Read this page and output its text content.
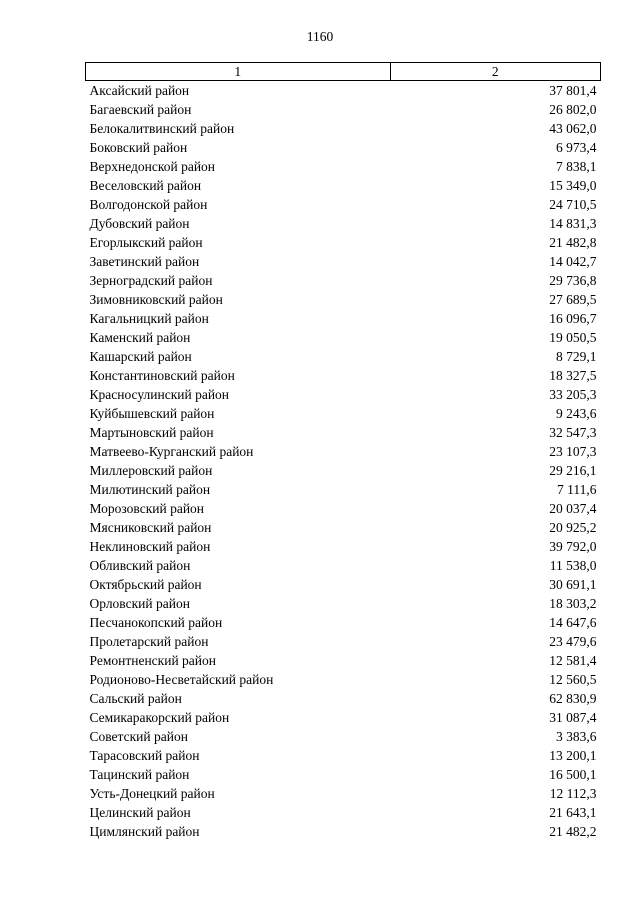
1160
1	2
Аксайский район	37 801,4
Багаевский район	26 802,0
Белокалитвинский район	43 062,0
Боковский район	6 973,4
Верхнедонской район	7 838,1
Веселовский район	15 349,0
Волгодонской район	24 710,5
Дубовский район	14 831,3
Егорлыкский район	21 482,8
Заветинский район	14 042,7
Зерноградский район	29 736,8
Зимовниковский район	27 689,5
Кагальницкий район	16 096,7
Каменский район	19 050,5
Кашарский район	8 729,1
Константиновский район	18 327,5
Красносулинский район	33 205,3
Куйбышевский район	9 243,6
Мартыновский район	32 547,3
Матвеево-Курганский район	23 107,3
Миллеровский район	29 216,1
Милютинский район	7 111,6
Морозовский район	20 037,4
Мясниковский район	20 925,2
Неклиновский район	39 792,0
Обливский район	11 538,0
Октябрьский район	30 691,1
Орловский район	18 303,2
Песчанокопский район	14 647,6
Пролетарский район	23 479,6
Ремонтненский район	12 581,4
Родионово-Несветайский район	12 560,5
Сальский район	62 830,9
Семикаракорский район	31 087,4
Советский район	3 383,6
Тарасовский район	13 200,1
Тацинский район	16 500,1
Усть-Донецкий район	12 112,3
Целинский район	21 643,1
Цимлянский район	21 482,2
